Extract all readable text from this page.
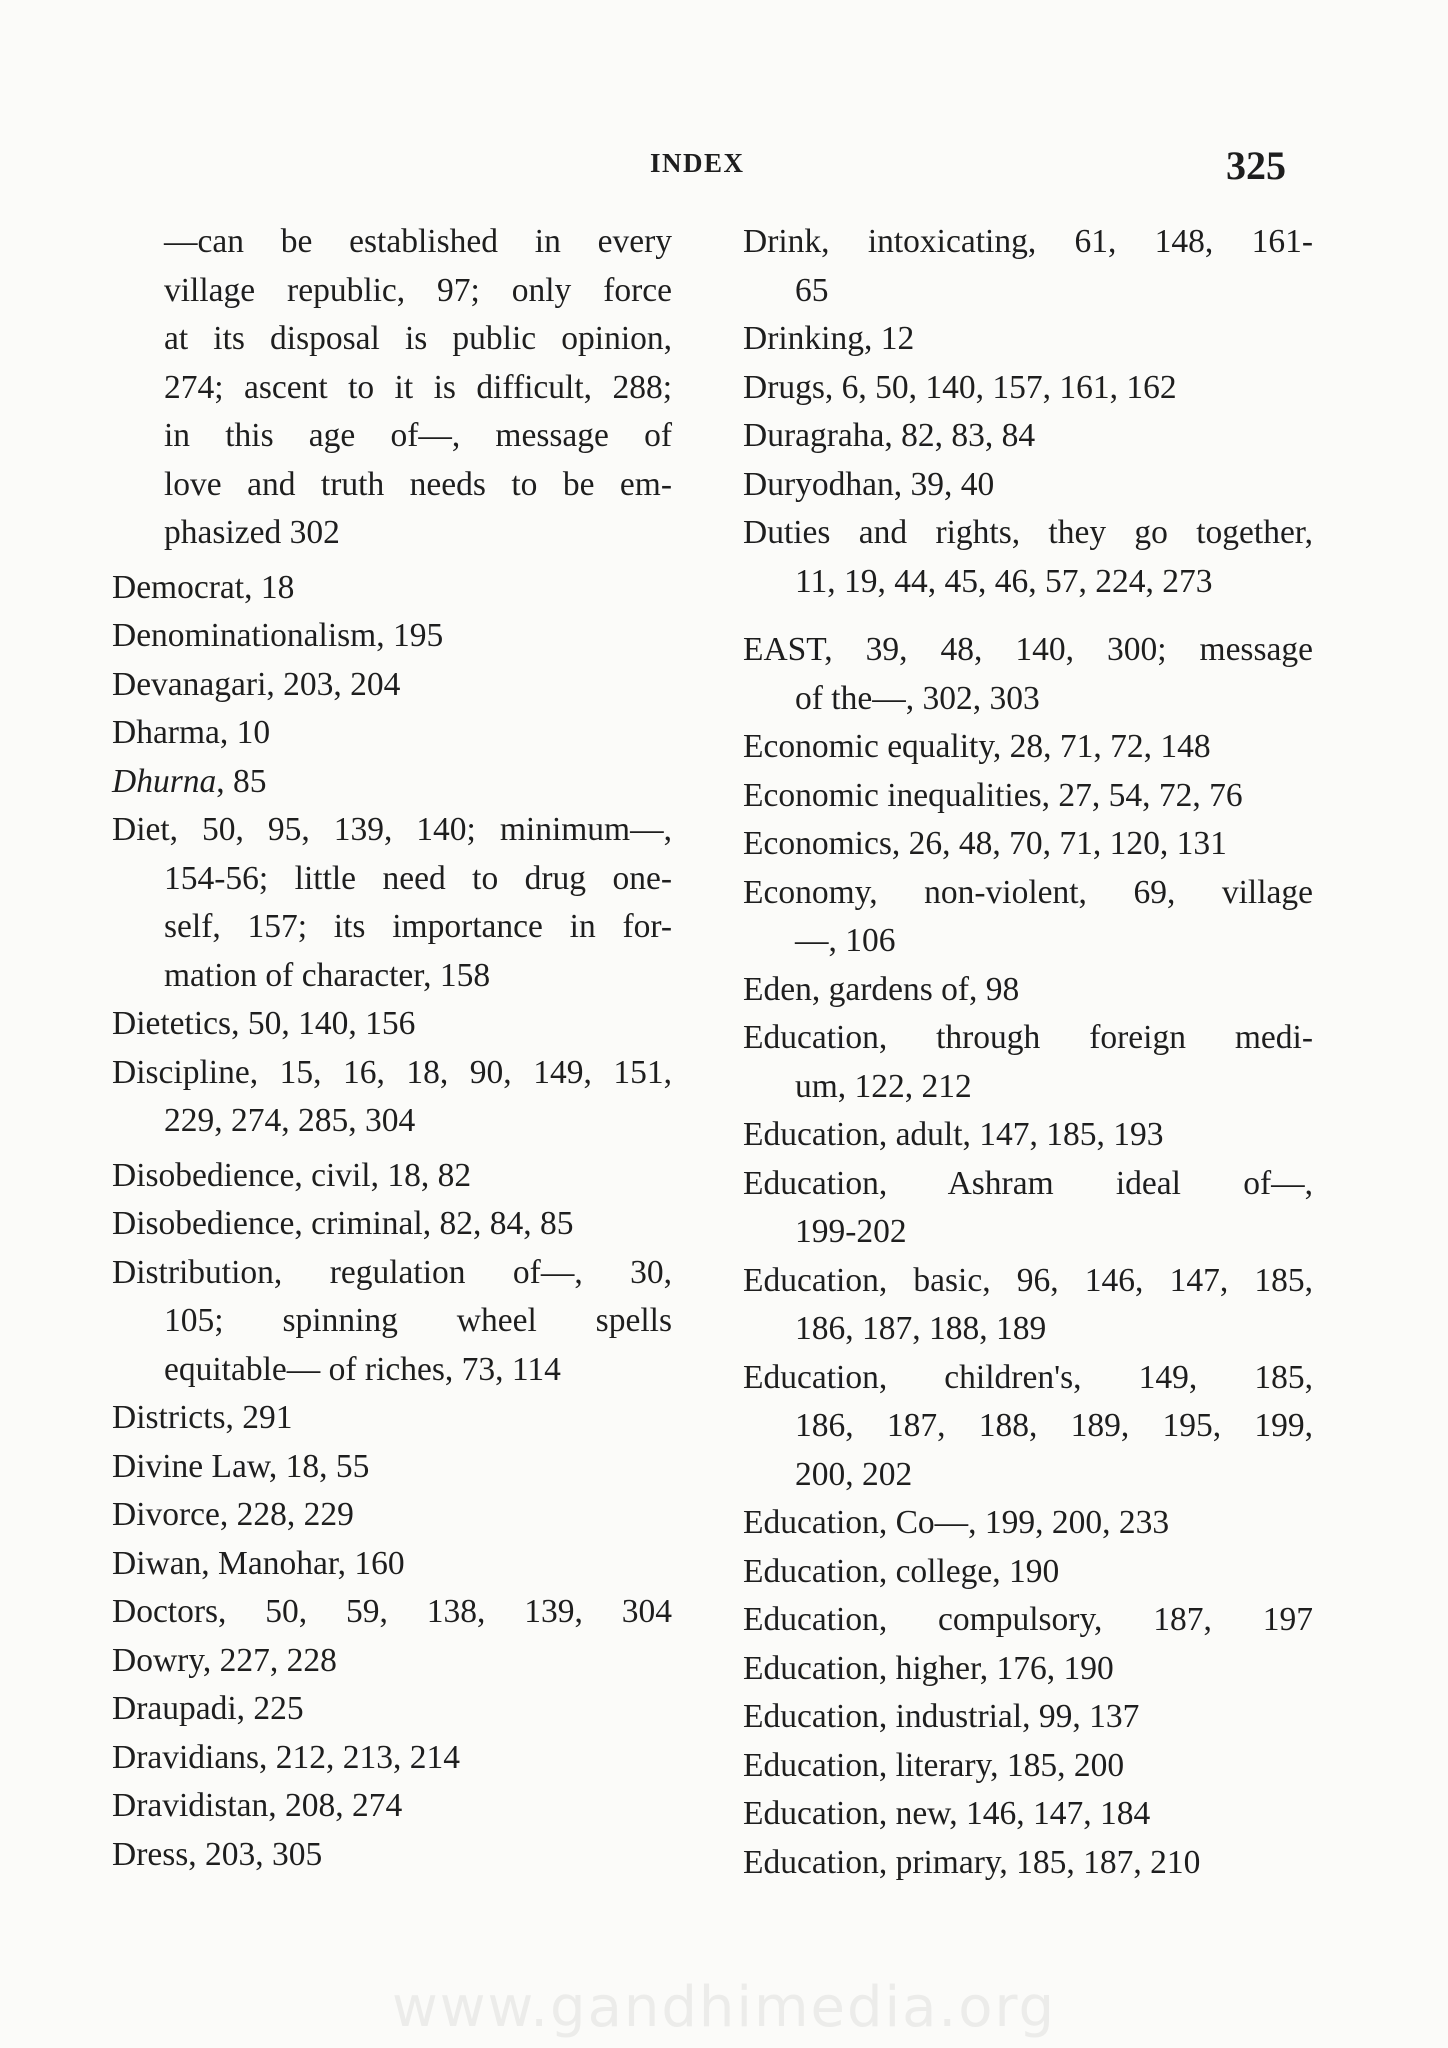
INDEX	325
—can be established in every
village republic, 97; only force
at its disposal is public opinion,
274; ascent to it is difficult, 288;
in this age of—, message of
love and truth needs to be em-
phasized 302
Democrat, 18
Denominationalism, 195
Devanagari, 203, 204
Dharma, 10
Dhurna, 85
Diet, 50, 95, 139, 140; minimum—,
154-56; little need to drug one-
self, 157; its importance in for-
mation of character, 158
Dietetics, 50, 140, 156
Discipline, 15, 16, 18, 90, 149, 151,
229, 274, 285, 304
Disobedience, civil, 18, 82
Disobedience, criminal, 82, 84, 85
Distribution, regulation of—, 30,
105; spinning wheel spells
equitable— of riches, 73, 114
Districts, 291
Divine Law, 18, 55
Divorce, 228, 229
Diwan, Manohar, 160
Doctors, 50, 59, 138, 139, 304
Dowry, 227, 228
Draupadi, 225
Dravidians, 212, 213, 214
Dravidistan, 208, 274
Dress, 203, 305
Drink, intoxicating, 61, 148, 161-
65
Drinking, 12
Drugs, 6, 50, 140, 157, 161, 162
Duragraha, 82, 83, 84
Duryodhan, 39, 40
Duties and rights, they go together,
11, 19, 44, 45, 46, 57, 224, 273
EAST, 39, 48, 140, 300; message
of the—, 302, 303
Economic equality, 28, 71, 72, 148
Economic inequalities, 27, 54, 72, 76
Economics, 26, 48, 70, 71, 120, 131
Economy, non-violent, 69, village
—, 106
Eden, gardens of, 98
Education, through foreign medi-
um, 122, 212
Education, adult, 147, 185, 193
Education, Ashram ideal of—,
199-202
Education, basic, 96, 146, 147, 185,
186, 187, 188, 189
Education, children's, 149, 185,
186, 187, 188, 189, 195, 199,
200, 202
Education, Co—, 199, 200, 233
Education, college, 190
Education, compulsory, 187, 197
Education, higher, 176, 190
Education, industrial, 99, 137
Education, literary, 185, 200
Education, new, 146, 147, 184
Education, primary, 185, 187, 210
www.gandhimedia.org
